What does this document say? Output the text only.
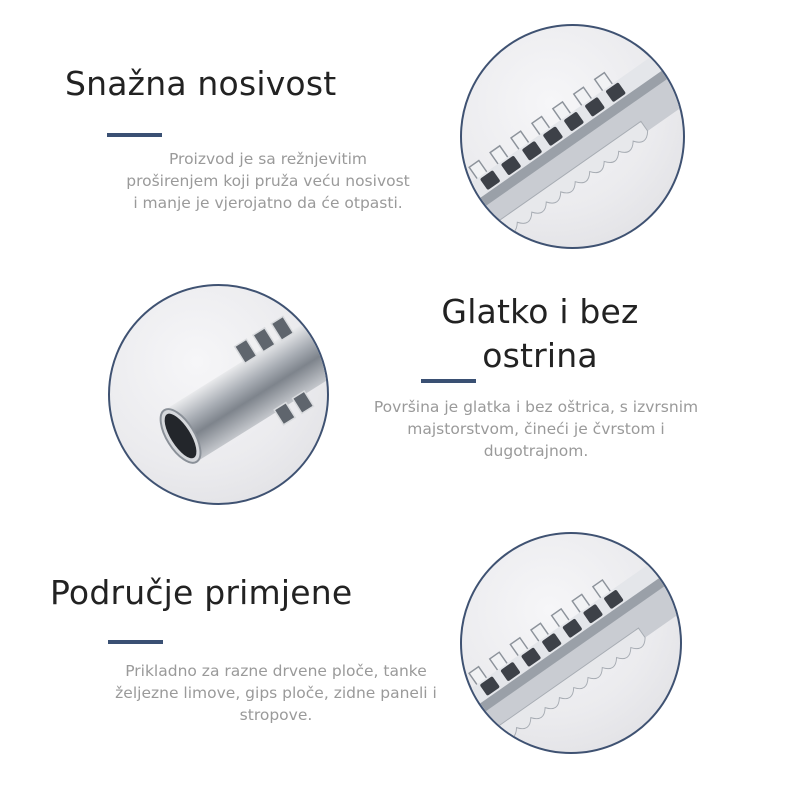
Snažna nosivost
Proizvod je sa režnjevitim
proširenjem koji pruža veću nosivost
i manje je vjerojatno da će otpasti.
Glatko i bez
ostrina
Površina je glatka i bez oštrica, s izvrsnim
majstorstvom, čineći je čvrstom i
dugotrajnom.
Područje primjene
Prikladno za razne drvene ploče, tanke
željezne limove, gips ploče, zidne paneli i
stropove.
